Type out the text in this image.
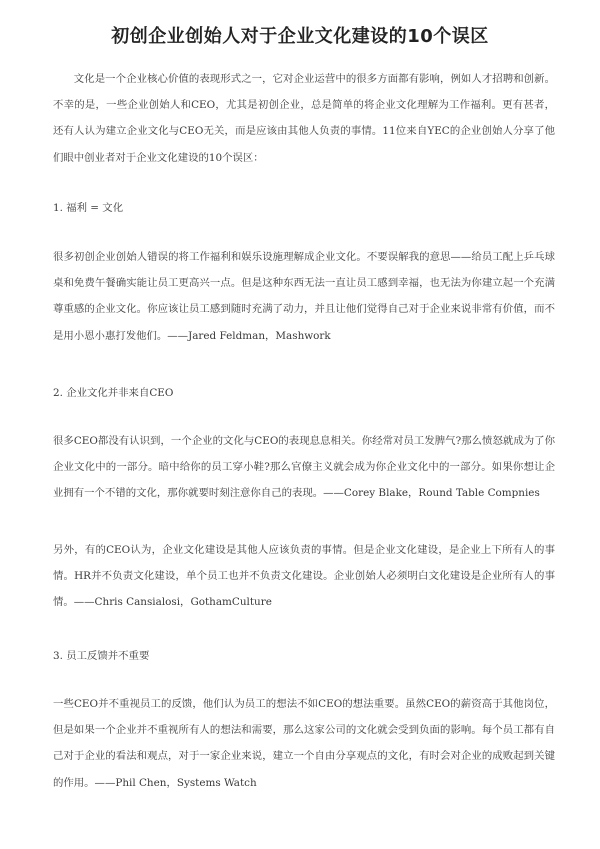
初创企业创始人对于企业文化建设的10个误区

文化是一个企业核心价值的表现形式之一，它对企业运营中的很多方面都有影响，例如人才招聘和创新。不幸的是，一些企业创始人和CEO，尤其是初创企业，总是简单的将企业文化理解为工作福利。更有甚者，还有人认为建立企业文化与CEO无关，而是应该由其他人负责的事情。11位来自YEC的企业创始人分享了他们眼中创业者对于企业文化建设的10个误区：

1. 福利 = 文化

很多初创企业创始人错误的将工作福利和娱乐设施理解成企业文化。不要误解我的意思——给员工配上乒乓球桌和免费午餐确实能让员工更高兴一点。但是这种东西无法一直让员工感到幸福，也无法为你建立起一个充满尊重感的企业文化。你应该让员工感到随时充满了动力，并且让他们觉得自己对于企业来说非常有价值，而不是用小恩小惠打发他们。——Jared Feldman，Mashwork

2. 企业文化并非来自CEO

很多CEO都没有认识到，一个企业的文化与CEO的表现息息相关。你经常对员工发脾气?那么愤怒就成为了你企业文化中的一部分。暗中给你的员工穿小鞋?那么官僚主义就会成为你企业文化中的一部分。如果你想让企业拥有一个不错的文化，那你就要时刻注意你自己的表现。——Corey Blake，Round Table Compnies

另外，有的CEO认为，企业文化建设是其他人应该负责的事情。但是企业文化建设，是企业上下所有人的事情。HR并不负责文化建设，单个员工也并不负责文化建设。企业创始人必须明白文化建设是企业所有人的事情。——Chris Cansialosi，GothamCulture

3. 员工反馈并不重要

一些CEO并不重视员工的反馈，他们认为员工的想法不如CEO的想法重要。虽然CEO的薪资高于其他岗位，但是如果一个企业并不重视所有人的想法和需要，那么这家公司的文化就会受到负面的影响。每个员工都有自己对于企业的看法和观点，对于一家企业来说，建立一个自由分享观点的文化，有时会对企业的成败起到关键的作用。——Phil Chen，Systems Watch
